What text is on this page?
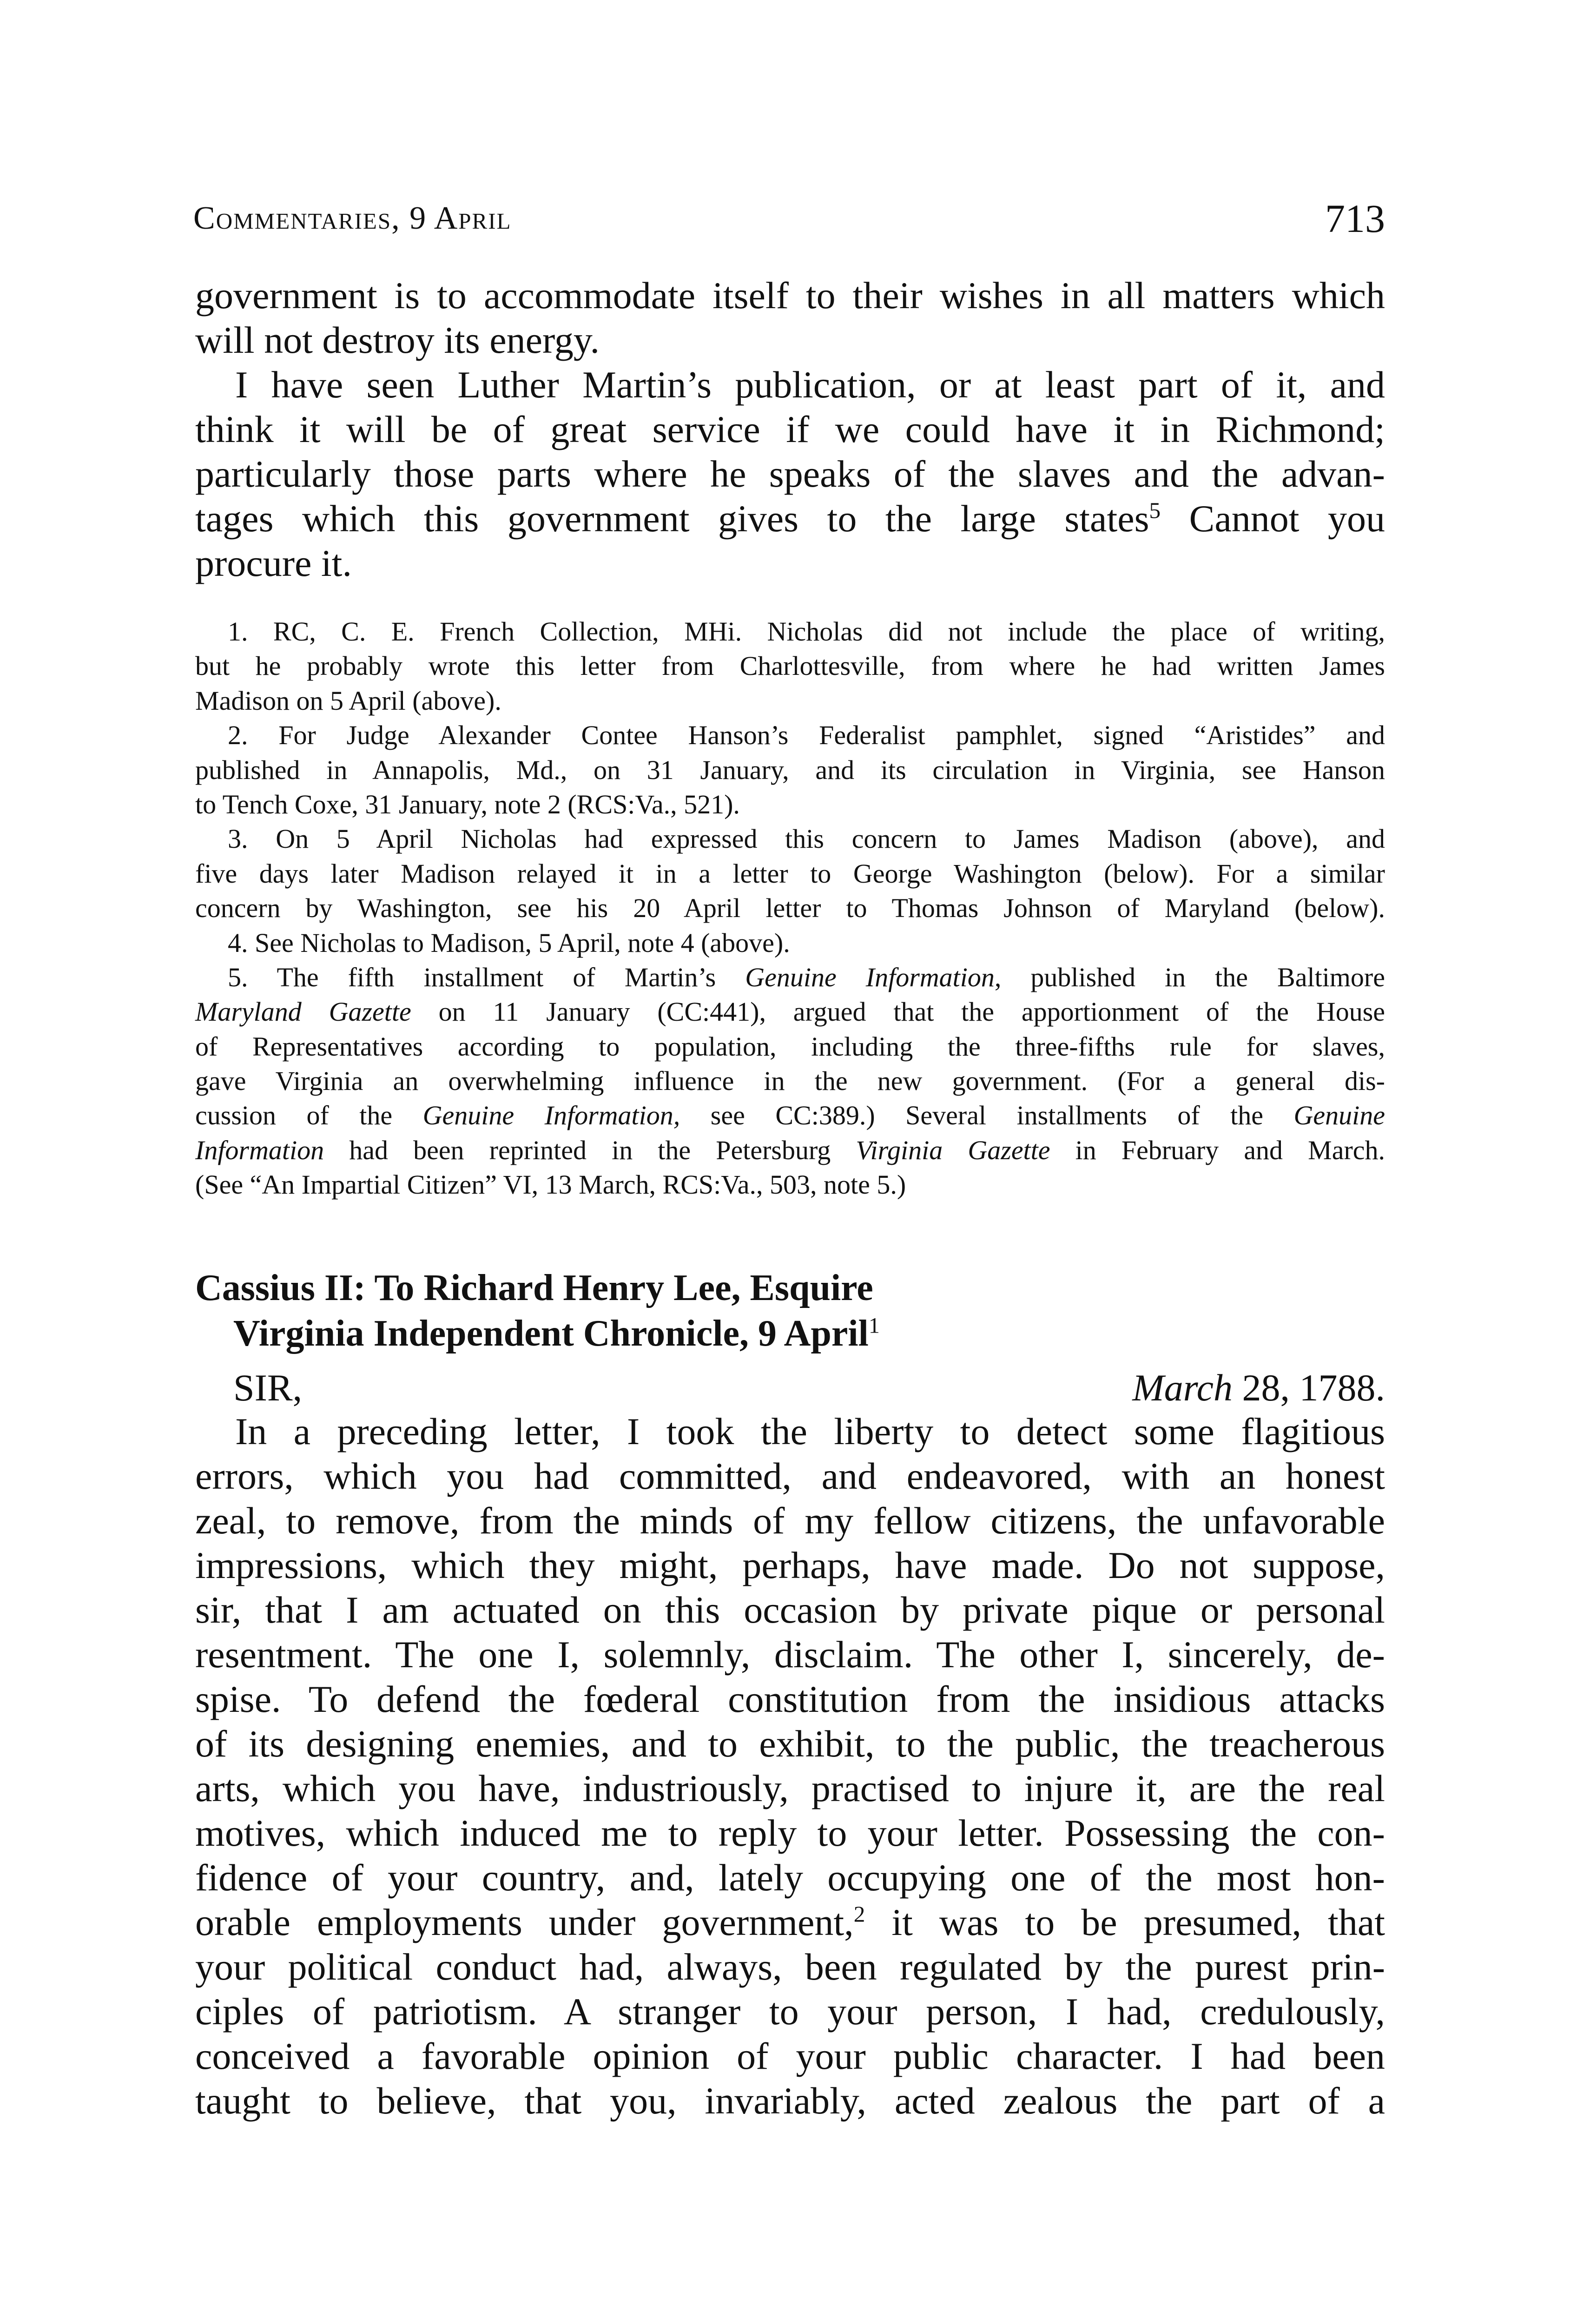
Commentaries, 9 April	713
government is to accommodate itself to their wishes in all matters which
will not destroy its energy.
I have seen Luther Martin’s publication, or at least part of it, and
think it will be of great service if we could have it in Richmond;
particularly those parts where he speaks of the slaves and the advan-
tages which this government gives to the large states$^5$ Cannot you
procure it.
1. RC, C. E. French Collection, MHi. Nicholas did not include the place of writing,
but he probably wrote this letter from Charlottesville, from where he had written James
Madison on 5 April (above).
2. For Judge Alexander Contee Hanson’s Federalist pamphlet, signed “Aristides” and
published in Annapolis, Md., on 31 January, and its circulation in Virginia, see Hanson
to Tench Coxe, 31 January, note 2 (RCS:Va., 521).
3. On 5 April Nicholas had expressed this concern to James Madison (above), and
five days later Madison relayed it in a letter to George Washington (below). For a similar
concern by Washington, see his 20 April letter to Thomas Johnson of Maryland (below).
4. See Nicholas to Madison, 5 April, note 4 (above).
5. The fifth installment of Martin’s Genuine Information, published in the Baltimore
Maryland Gazette on 11 January (CC:441), argued that the apportionment of the House
of Representatives according to population, including the three-fifths rule for slaves,
gave Virginia an overwhelming influence in the new government. (For a general dis-
cussion of the Genuine Information, see CC:389.) Several installments of the Genuine
Information had been reprinted in the Petersburg Virginia Gazette in February and March.
(See “An Impartial Citizen” VI, 13 March, RCS:Va., 503, note 5.)
Cassius II: To Richard Henry Lee, Esquire
Virginia Independent Chronicle, 9 April$^1$
SIR,	March 28, 1788.
In a preceding letter, I took the liberty to detect some flagitious
errors, which you had committed, and endeavored, with an honest
zeal, to remove, from the minds of my fellow citizens, the unfavorable
impressions, which they might, perhaps, have made. Do not suppose,
sir, that I am actuated on this occasion by private pique or personal
resentment. The one I, solemnly, disclaim. The other I, sincerely, de-
spise. To defend the fœderal constitution from the insidious attacks
of its designing enemies, and to exhibit, to the public, the treacherous
arts, which you have, industriously, practised to injure it, are the real
motives, which induced me to reply to your letter. Possessing the con-
fidence of your country, and, lately occupying one of the most hon-
orable employments under government,$^2$ it was to be presumed, that
your political conduct had, always, been regulated by the purest prin-
ciples of patriotism. A stranger to your person, I had, credulously,
conceived a favorable opinion of your public character. I had been
taught to believe, that you, invariably, acted zealous the part of a
